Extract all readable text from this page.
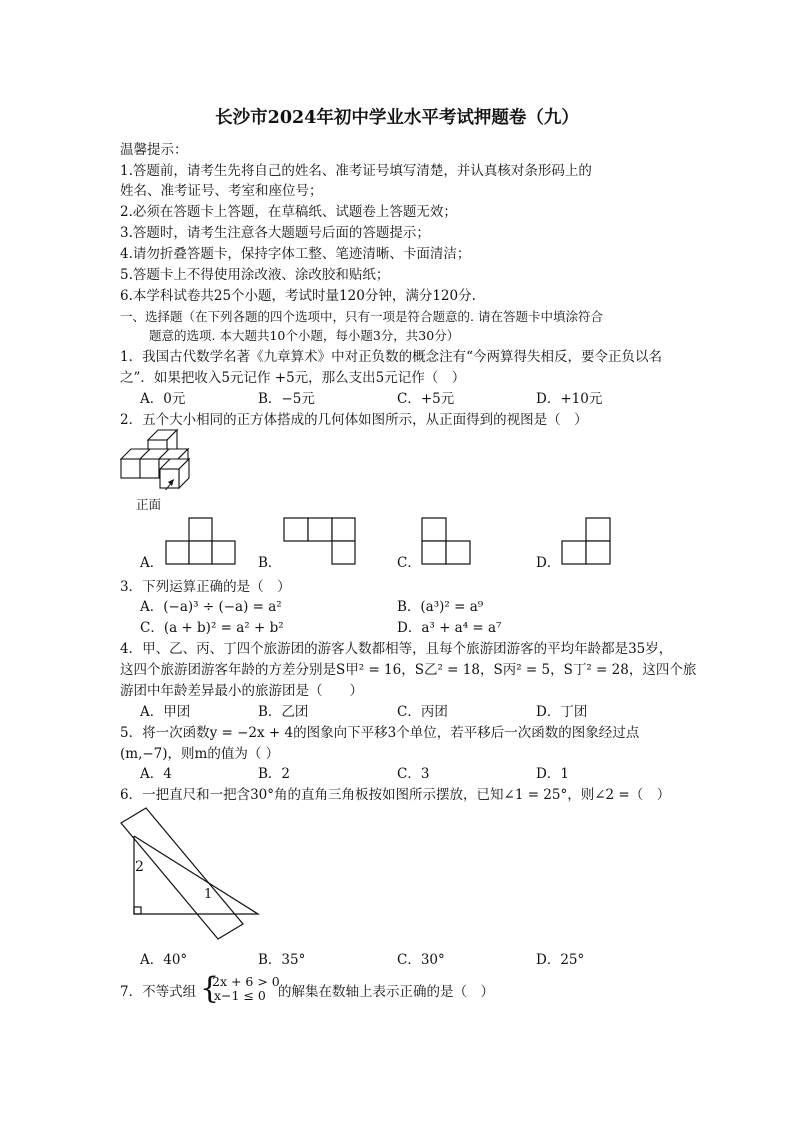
长沙市2024年初中学业水平考试押题卷（九）
温馨提示：
1.答题前，请考生先将自己的姓名、准考证号填写清楚，并认真核对条形码上的
姓名、准考证号、考室和座位号；
2.必须在答题卡上答题，在草稿纸、试题卷上答题无效；
3.答题时，请考生注意各大题题号后面的答题提示；
4.请勿折叠答题卡，保持字体工整、笔迹清晰、卡面清洁；
5.答题卡上不得使用涂改液、涂改胶和贴纸；
6.本学科试卷共25个小题，考试时量120分钟，满分120分.
一、选择题（在下列各题的四个选项中，只有一项是符合题意的. 请在答题卡中填涂符合
题意的选项. 本大题共10个小题，每小题3分，共30分）
1．我国古代数学名著《九章算术》中对正负数的概念注有“今两算得失相反，要令正负以名
之”．如果把收入5元记作 +5元，那么支出5元记作（　）
A．0元	B．−5元	C．+5元	D．+10元
2．五个大小相同的正方体搭成的几何体如图所示，从正面得到的视图是（　）
正面
A．	B．	C．	D．
3．下列运算正确的是（　）
A．(−a)³ ÷ (−a) = a²	B．(a³)² = a⁹
C．(a + b)² = a² + b²	D．a³ + a⁴ = a⁷
4．甲、乙、丙、丁四个旅游团的游客人数都相等，且每个旅游团游客的平均年龄都是35岁，
这四个旅游团游客年龄的方差分别是S甲² = 16，S乙² = 18，S丙² = 5，S丁² = 28，这四个旅
游团中年龄差异最小的旅游团是（　　）
A．甲团	B．乙团	C．丙团	D．丁团
5．将一次函数y = −2x + 4的图象向下平移3个单位，若平移后一次函数的图象经过点
(m,−7)，则m的值为（ ）
A．4	B．2	C．3	D．1
6．一把直尺和一把含30°角的直角三角板按如图所示摆放，已知∠1 = 25°，则∠2 =（　）
2
1
A．40°	B．35°	C．30°	D．25°
7．不等式组 {
2x + 6 > 0
x−1 ≤ 0 的解集在数轴上表示正确的是（　）
